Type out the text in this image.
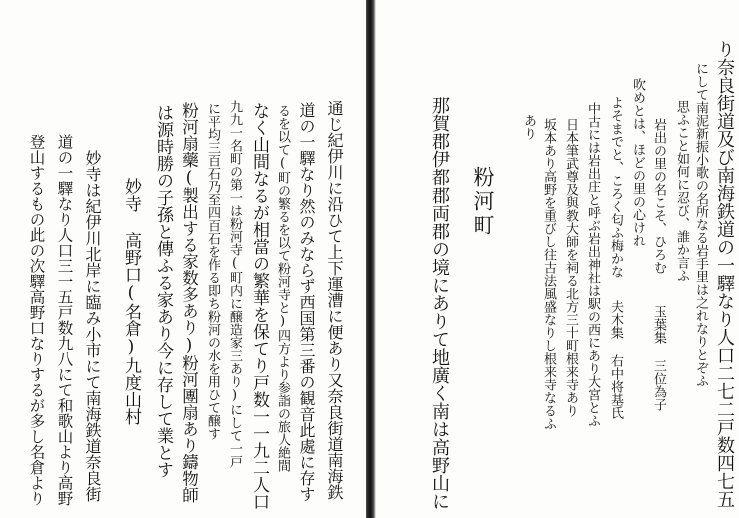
り奈良街道及び南海鉄道の一驛なり人口二七二戸数四七五
にして南泥新振小歌の名所なる岩手里は之れなりとぞふ
思ふこと如何に忍び、誰か言ふ
岩出の里の名こそ、ひろむ
玉葉集 三位為子
吹めとは、ほどの里の心けれ
よそまでと、ころく匂ふ梅かな
夫木集 右中将基氏
中古には岩出庄と呼ぶ岩出神社は駅の西にあり大宮とふ
日本筆武尊及與教大師を祠る北方三十町根来寺あり
坂本あり高野を重びし往古法風盛なりし根来寺なるふ
あり
粉河町
那賀郡伊都郡両郡の境にありて地廣く南は高野山に
通じ紀伊川に沿ひて上下運漕に便あり又奈良街道南海鉄
道の一驛なり然のみならず西国第三番の観音此處に存す
るを以て(町の繁るを以て粉河寺と)四方より参詣の旅人絶間
なく山間なるが相當の繁華を保てり戸数一一九二人口
九九一名町の第一は粉河寺(町内に醸造家三あり)にして一戸
に平均三百石乃至四百石を作る即ち粉河の水を用ひて醸す
粉河扇藥(製出する家数多あり)粉河團扇あり鑄物師
は源時勝の子孫と傳ふる家あり今に存して業とす
妙寺
高野口(名倉)九度山村
妙寺は紀伊川北岸に臨み小市にて南海鉄道奈良街
道の一驛なり人口三一五戸数九八にて和歌山より高野
登山するもの此の次驛高野口なりするが多し名倉より
